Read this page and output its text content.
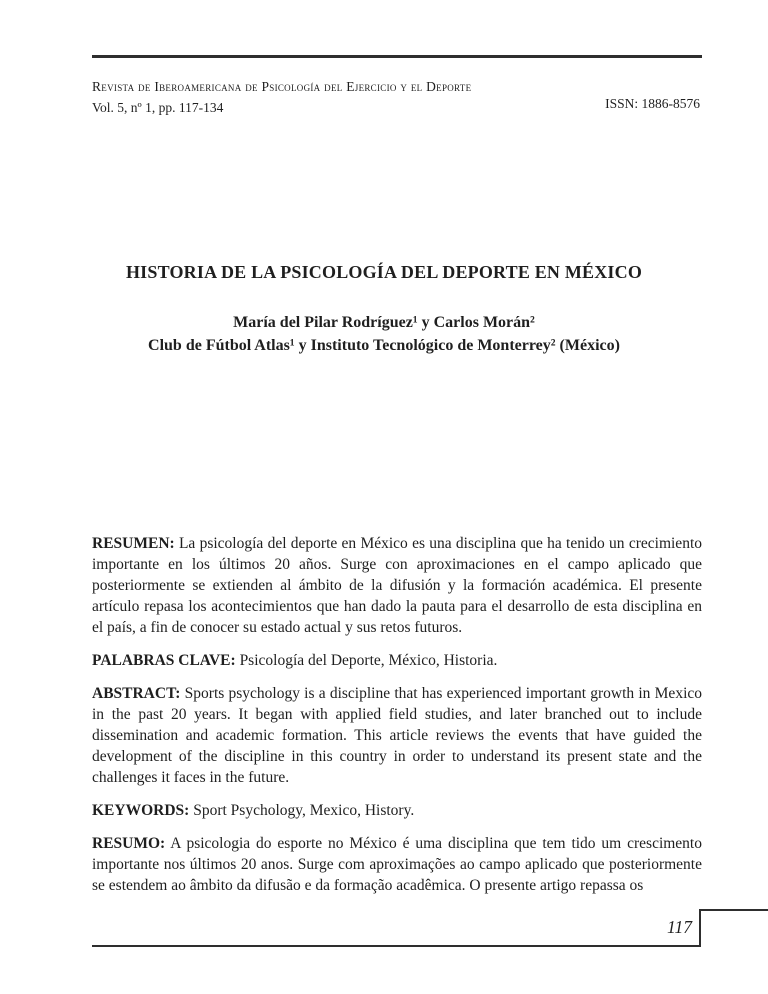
Revista de Iberoamericana de Psicología del Ejercicio y el Deporte
Vol. 5, nº 1, pp. 117-134	ISSN: 1886-8576
HISTORIA DE LA PSICOLOGÍA DEL DEPORTE EN MÉXICO
María del Pilar Rodríguez¹ y Carlos Morán²
Club de Fútbol Atlas¹ y Instituto Tecnológico de Monterrey² (México)

RESUMEN: La psicología del deporte en México es una disciplina que ha tenido un crecimiento importante en los últimos 20 años. Surge con aproximaciones en el campo aplicado que posteriormente se extienden al ámbito de la difusión y la formación académica. El presente artículo repasa los acontecimientos que han dado la pauta para el desarrollo de esta disciplina en el país, a fin de conocer su estado actual y sus retos futuros.

PALABRAS CLAVE: Psicología del Deporte, México, Historia.

ABSTRACT: Sports psychology is a discipline that has experienced important growth in Mexico in the past 20 years. It began with applied field studies, and later branched out to include dissemination and academic formation. This article reviews the events that have guided the development of the discipline in this country in order to understand its present state and the challenges it faces in the future.

KEYWORDS: Sport Psychology, Mexico, History.

RESUMO: A psicologia do esporte no México é uma disciplina que tem tido um crescimento importante nos últimos 20 anos. Surge com aproximações ao campo aplicado que posteriormente se estendem ao âmbito da difusão e da formação acadêmica. O presente artigo repassa os

117
